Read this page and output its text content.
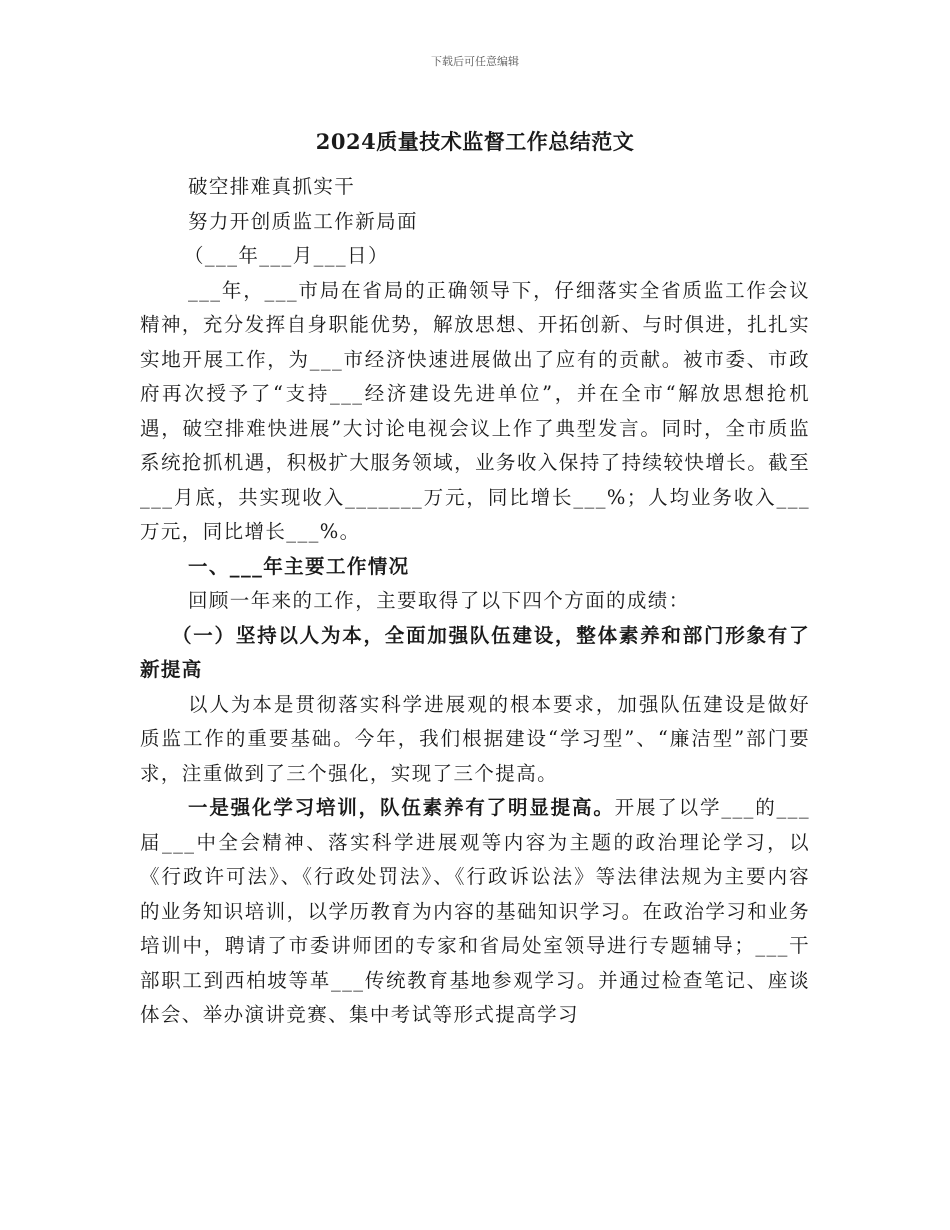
下载后可任意编辑
2024质量技术监督工作总结范文

破空排难真抓实干

努力开创质监工作新局面

（___年___月___日）

___年，___市局在省局的正确领导下，仔细落实全省质监工作会议精神，充分发挥自身职能优势，解放思想、开拓创新、与时俱进，扎扎实实地开展工作，为___市经济快速进展做出了应有的贡献。被市委、市政府再次授予了“支持___经济建设先进单位”，并在全市“解放思想抢机遇，破空排难快进展”大讨论电视会议上作了典型发言。同时，全市质监系统抢抓机遇，积极扩大服务领域，业务收入保持了持续较快增长。截至___月底，共实现收入_______万元，同比增长___%；人均业务收入___万元，同比增长___%。

一、___年主要工作情况

回顾一年来的工作，主要取得了以下四个方面的成绩：

（一）坚持以人为本，全面加强队伍建设，整体素养和部门形象有了新提高

以人为本是贯彻落实科学进展观的根本要求，加强队伍建设是做好质监工作的重要基础。今年，我们根据建设“学习型”、“廉洁型”部门要求，注重做到了三个强化，实现了三个提高。

一是强化学习培训，队伍素养有了明显提高。开展了以学___的___届___中全会精神、落实科学进展观等内容为主题的政治理论学习，以《行政许可法》、《行政处罚法》、《行政诉讼法》等法律法规为主要内容的业务知识培训，以学历教育为内容的基础知识学习。在政治学习和业务培训中，聘请了市委讲师团的专家和省局处室领导进行专题辅导；___干部职工到西柏坡等革___传统教育基地参观学习。并通过检查笔记、座谈体会、举办演讲竞赛、集中考试等形式提高学习
